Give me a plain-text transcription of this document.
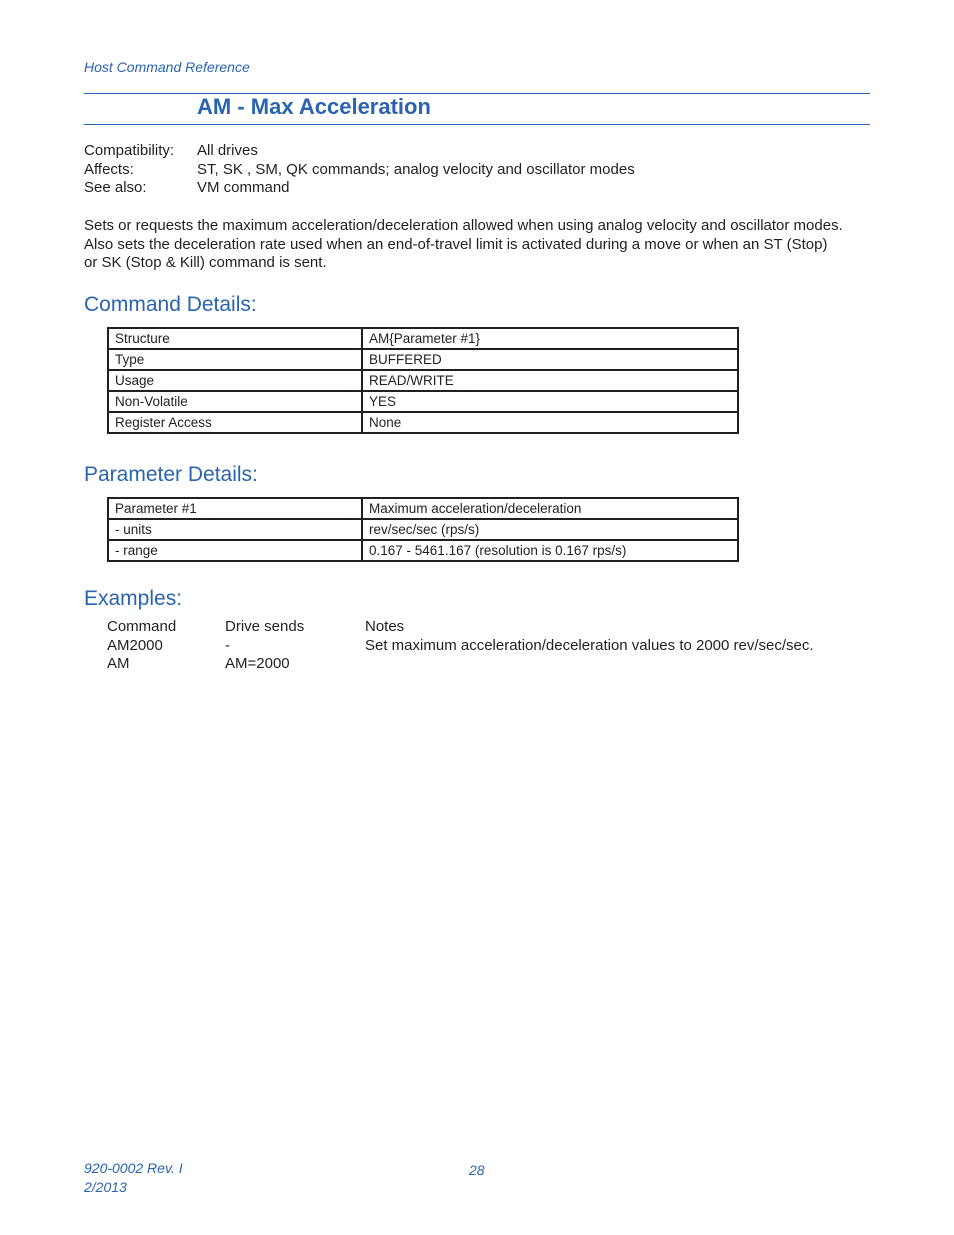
Host Command Reference
AM - Max Acceleration
Compatibility:	All drives
Affects:	ST, SK , SM, QK commands; analog velocity and oscillator modes
See also:	VM command
Sets or requests the maximum acceleration/deceleration allowed when using analog velocity and oscillator modes.
Also sets the deceleration rate used when an end-of-travel limit is activated during a move or when an ST (Stop)
or SK (Stop & Kill) command is sent.
Command Details:
Structure	AM{Parameter #1}
Type	BUFFERED
Usage	READ/WRITE
Non-Volatile	YES
Register Access	None
Parameter Details:
Parameter #1	Maximum acceleration/deceleration
- units	rev/sec/sec (rps/s)
- range	0.167 - 5461.167 (resolution is 0.167 rps/s)
Examples:
Command	Drive sends	Notes
AM2000	-	Set maximum acceleration/deceleration values to 2000 rev/sec/sec.
AM	AM=2000
920-0002 Rev. I
2/2013
28
